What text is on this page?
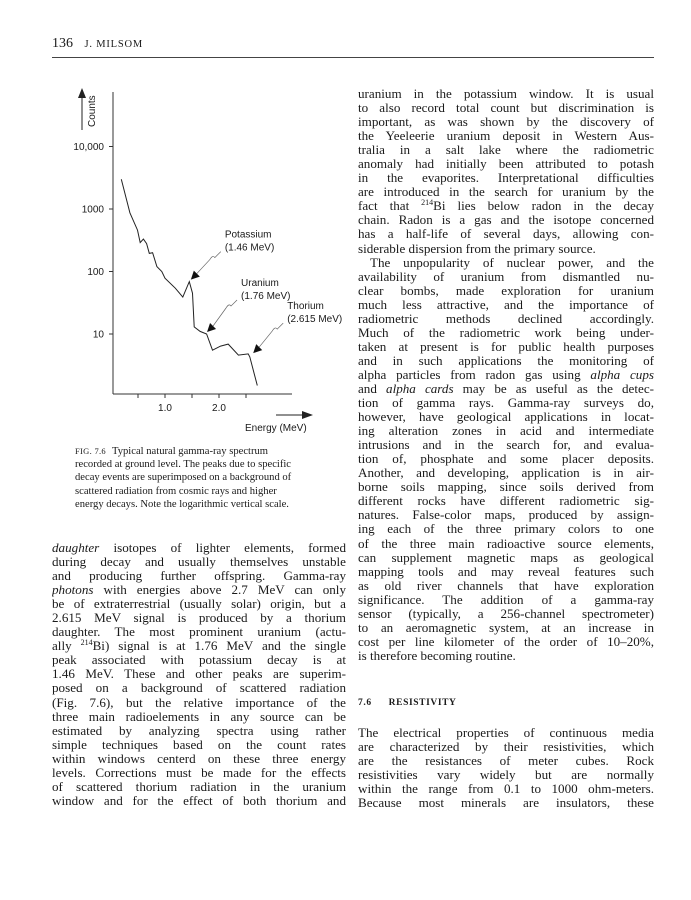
136 J. MILSOM
10
100
1000
10,000
1.0	2.0
Counts
Energy (MeV)
Potassium
(1.46 MeV)
Uranium
(1.76 MeV)
Thorium
(2.615 MeV)
FIG. 7.6 Typical natural gamma-ray spectrum
recorded at ground level. The peaks due to specific
decay events are superimposed on a background of
scattered radiation from cosmic rays and higher
energy decays. Note the logarithmic vertical scale.
daughter isotopes of lighter elements, formed
during decay and usually themselves unstable
and producing further offspring. Gamma-ray
photons with energies above 2.7 MeV can only
be of extraterrestrial (usually solar) origin, but a
2.615 MeV signal is produced by a thorium
daughter. The most prominent uranium (actu-
ally $^{214}$Bi) signal is at 1.76 MeV and the single
peak associated with potassium decay is at
1.46 MeV. These and other peaks are superim-
posed on a background of scattered radiation
(Fig. 7.6), but the relative importance of the
three main radioelements in any source can be
estimated by analyzing spectra using rather
simple techniques based on the count rates
within windows centerd on these three energy
levels. Corrections must be made for the effects
of scattered thorium radiation in the uranium
window and for the effect of both thorium and
uranium in the potassium window. It is usual
to also record total count but discrimination is
important, as was shown by the discovery of
the Yeeleerie uranium deposit in Western Aus-
tralia in a salt lake where the radiometric
anomaly had initially been attributed to potash
in the evaporites. Interpretational difficulties
are introduced in the search for uranium by the
fact that $^{214}$Bi lies below radon in the decay
chain. Radon is a gas and the isotope concerned
has a half-life of several days, allowing con-
siderable dispersion from the primary source.
The unpopularity of nuclear power, and the
availability of uranium from dismantled nu-
clear bombs, made exploration for uranium
much less attractive, and the importance of
radiometric methods declined accordingly.
Much of the radiometric work being under-
taken at present is for public health purposes
and in such applications the monitoring of
alpha particles from radon gas using alpha cups
and alpha cards may be as useful as the detec-
tion of gamma rays. Gamma-ray surveys do,
however, have geological applications in locat-
ing alteration zones in acid and intermediate
intrusions and in the search for, and evalua-
tion of, phosphate and some placer deposits.
Another, and developing, application is in air-
borne soils mapping, since soils derived from
different rocks have different radiometric sig-
natures. False-color maps, produced by assign-
ing each of the three primary colors to one
of the three main radioactive source elements,
can supplement magnetic maps as geological
mapping tools and may reveal features such
as old river channels that have exploration
significance. The addition of a gamma-ray
sensor (typically, a 256-channel spectrometer)
to an aeromagnetic system, at an increase in
cost per line kilometer of the order of 10–20%,
is therefore becoming routine.
7.6 RESISTIVITY
The electrical properties of continuous media
are characterized by their resistivities, which
are the resistances of meter cubes. Rock
resistivities vary widely but are normally
within the range from 0.1 to 1000 ohm-meters.
Because most minerals are insulators, these
